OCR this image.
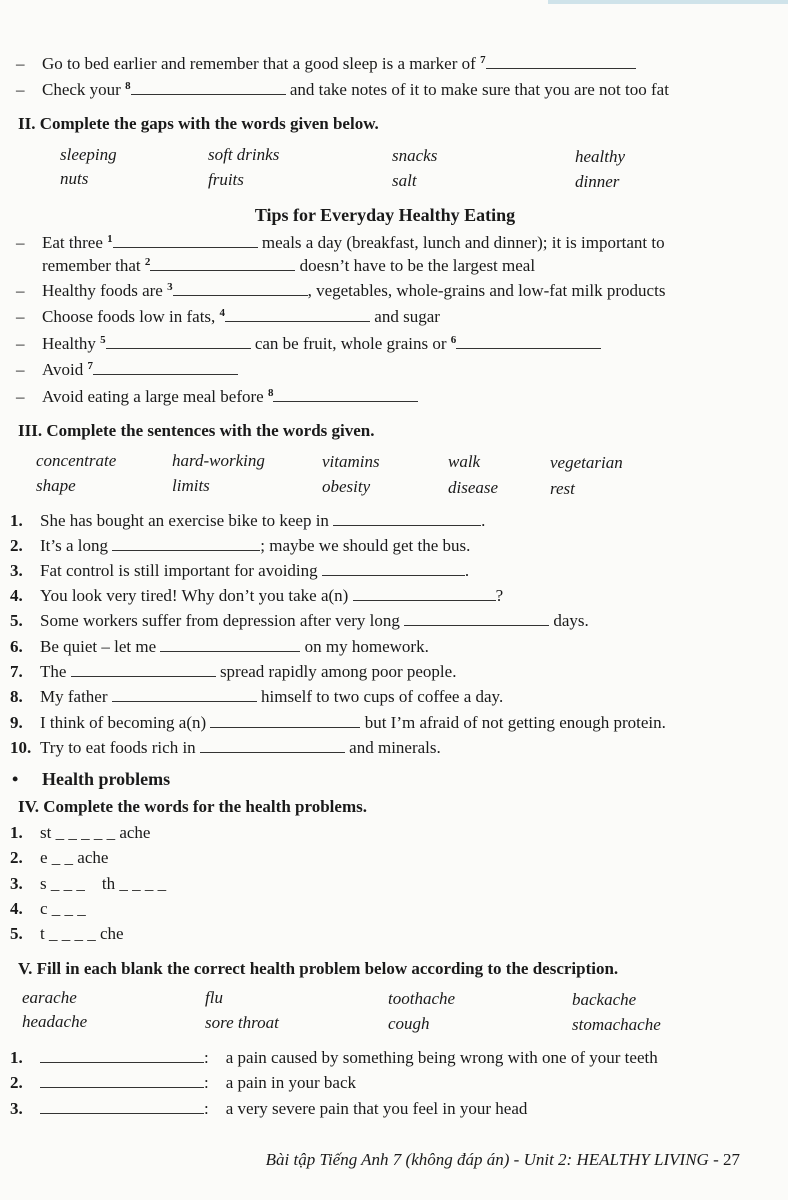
– Go to bed earlier and remember that a good sleep is a marker of $^7$
– Check your $^8$	and take notes of it to make sure that you are not too fat
II. Complete the gaps with the words given below.
sleeping	soft drinks	snacks	healthy
nuts	fruits	salt	dinner
Tips for Everyday Healthy Eating
– Eat three $^1$	meals a day (breakfast, lunch and dinner); it is important to
remember that $^2$	doesn’t have to be the largest meal
– Healthy foods are $^3$	, vegetables, whole-grains and low-fat milk products
– Choose foods low in fats, $^4$	and sugar
– Healthy $^5$	can be fruit, whole grains or $^6$
– Avoid $^7$
– Avoid eating a large meal before $^8$
III. Complete the sentences with the words given.
concentrate	hard-working	vitamins	walk	vegetarian
shape	limits	obesity	disease	rest
1. She has bought an exercise bike to keep in	.
2. It’s a long	; maybe we should get the bus.
3. Fat control is still important for avoiding	.
4. You look very tired! Why don’t you take a(n)	?
5. Some workers suffer from depression after very long	days.
6. Be quiet – let me	on my homework.
7. The	spread rapidly among poor people.
8. My father	himself to two cups of coffee a day.
9. I think of becoming a(n)	but I’m afraid of not getting enough protein.
10. Try to eat foods rich in	and minerals.
• Health problems
IV. Complete the words for the health problems.
1. st _ _ _ _ _ ache
2. e _ _ ache
3. s _ _ _    th _ _ _ _
4. c _ _ _
5. t _ _ _ _ che
V. Fill in each blank the correct health problem below according to the description.
earache	flu	toothache	backache
headache	sore throat	cough	stomachache
1.	:    a pain caused by something being wrong with one of your teeth
2.	:    a pain in your back
3.	:    a very severe pain that you feel in your head
Bài tập Tiếng Anh 7 (không đáp án) - Unit 2: HEALTHY LIVING - 27
